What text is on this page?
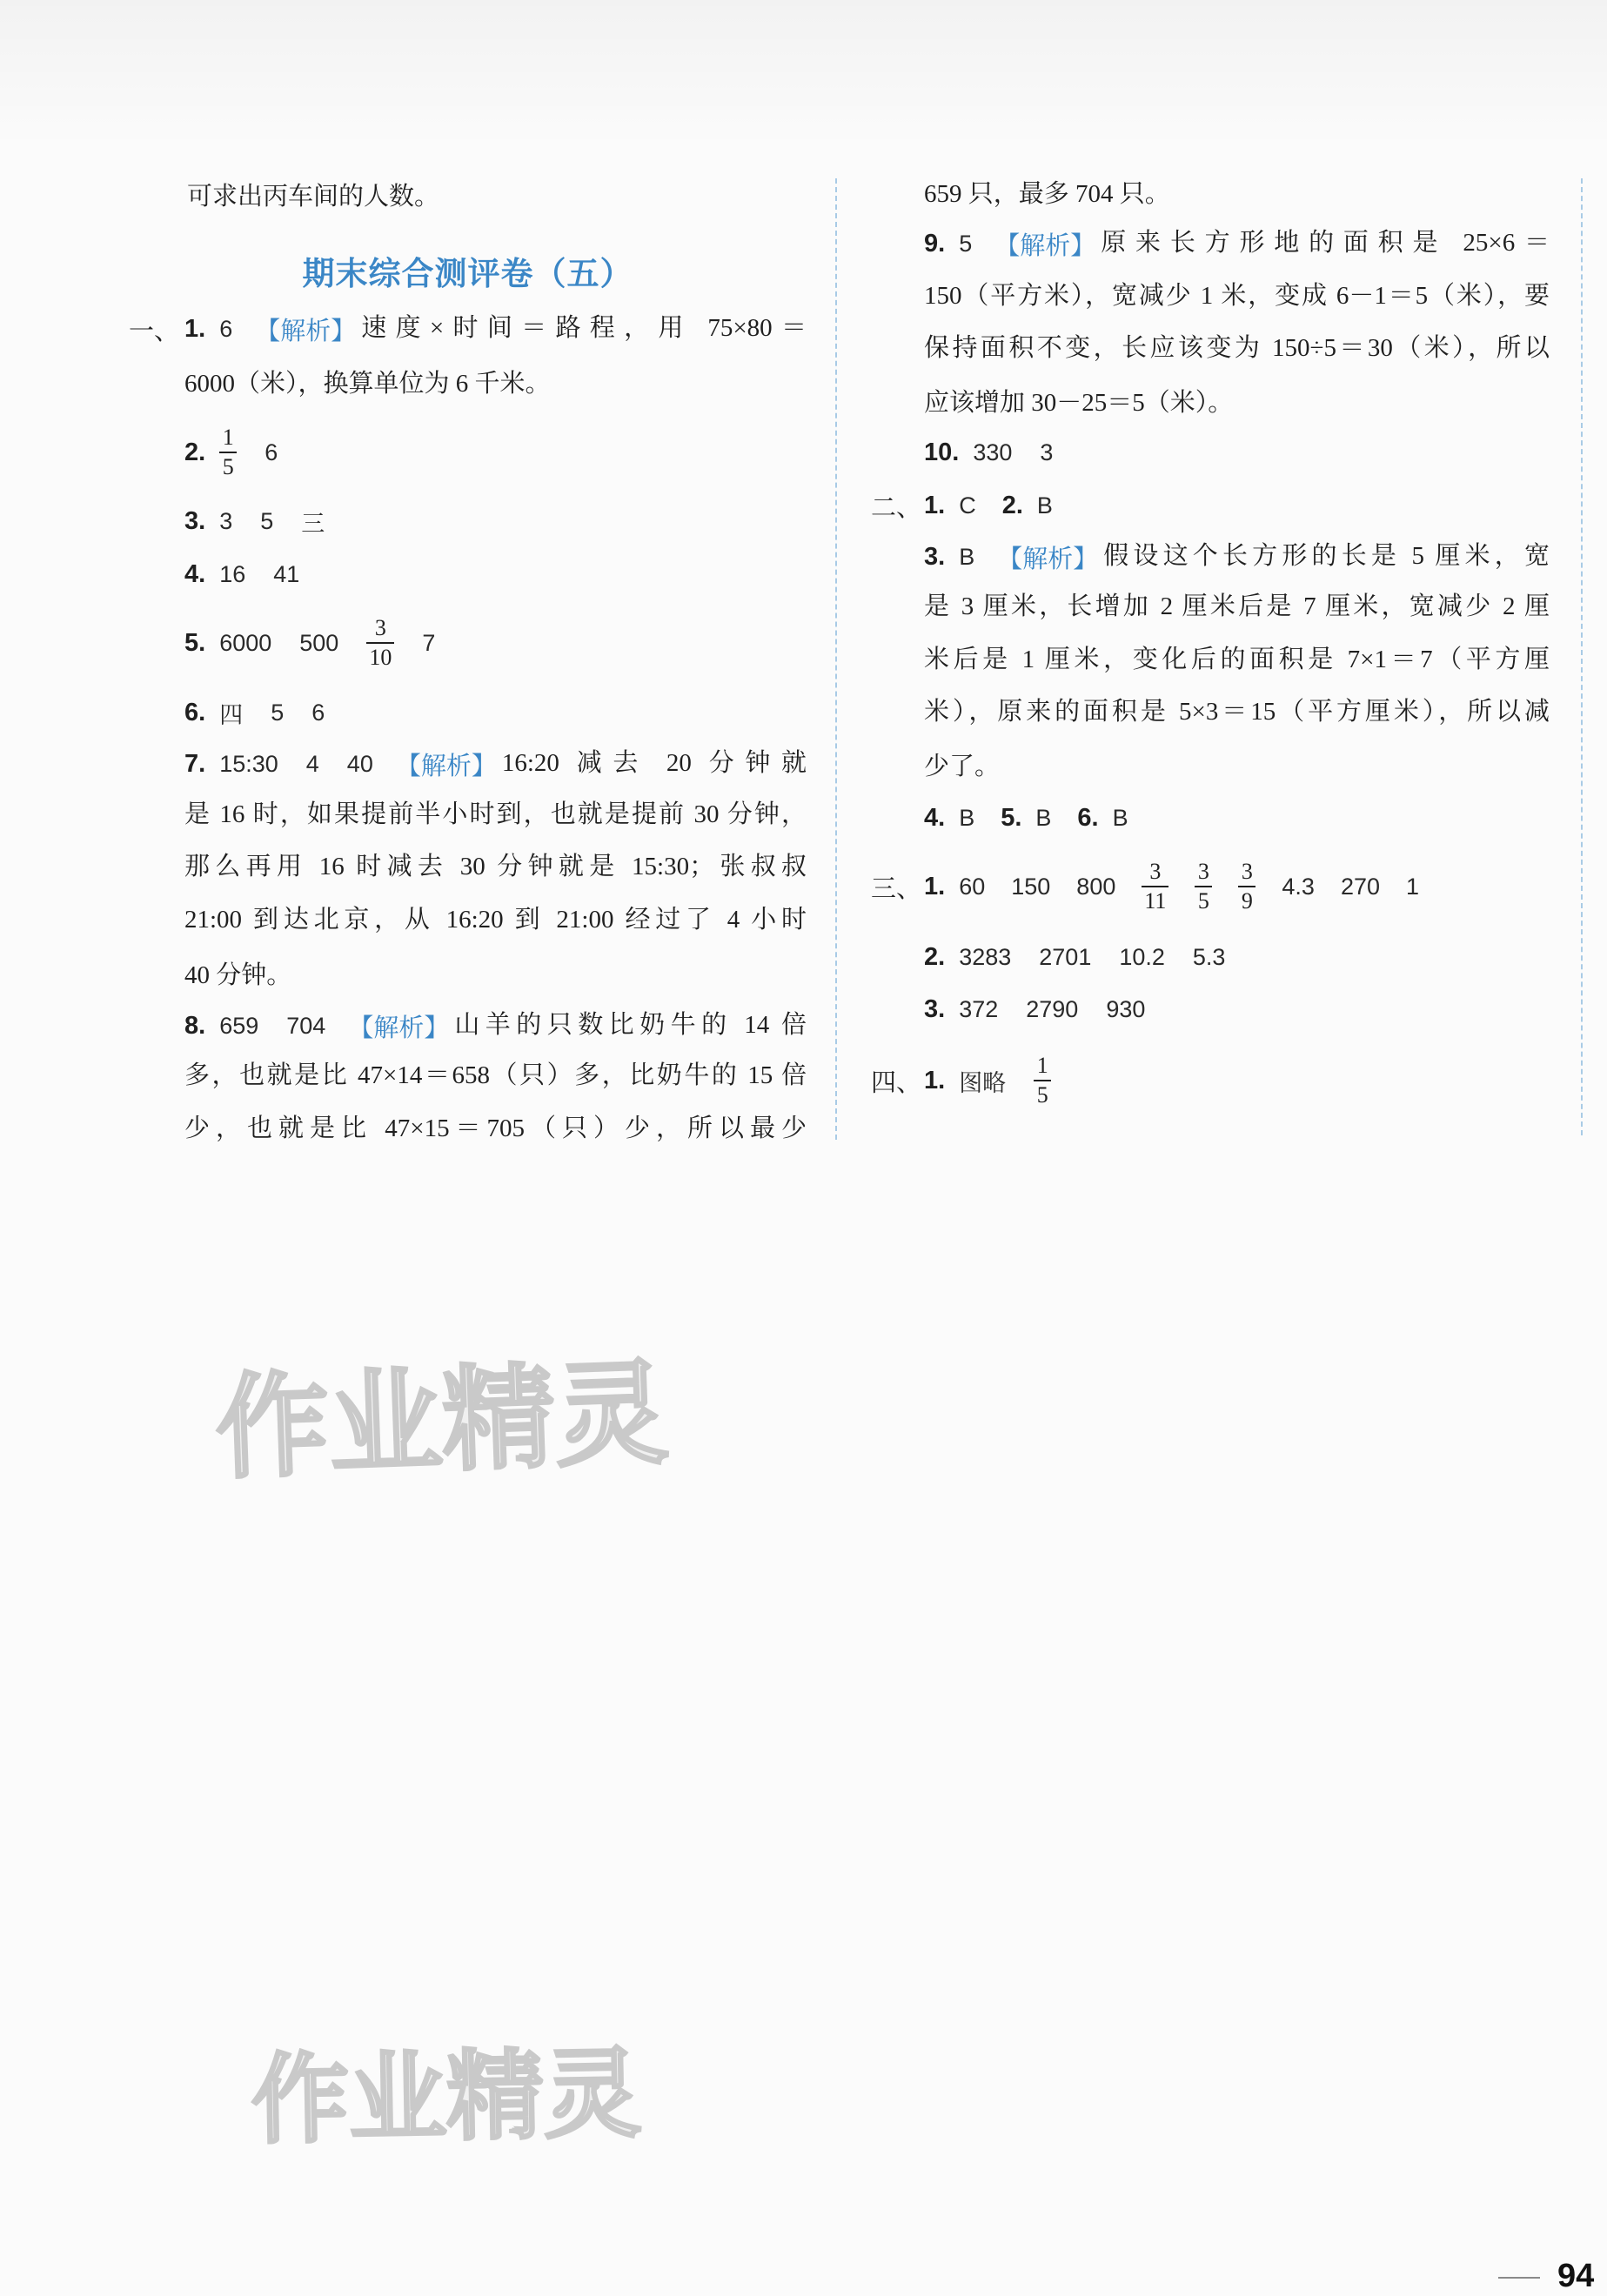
可求出丙车间的人数。
期末综合测评卷（五）
一、 1. 6 【解析】 速度×时间＝路程，用 75×80＝
6000（米），换算单位为 6 千米。
2. $\frac{1}{5} 6$
3. 3 5 三
4. 16 41
5. 6000 $500 \frac{3}{10} 7$
6. 四 5 6
7. 15:30 4 40 【解析】 16:20 减去 20 分钟就
是 16 时，如果提前半小时到，也就是提前 30 分钟，
那么再用 16 时减去 30 分钟就是 15:30；张叔叔
21:00 到达北京，从 16:20 到 21:00 经过了 4 小时
40 分钟。
8. 659 704 【解析】 山羊的只数比奶牛的 14 倍
多，也就是比 47×14＝658（只）多，比奶牛的 15 倍
少，也就是比 47×15＝705（只）少，所以最少
659 只，最多 704 只。
9. 5 【解析】 原来长方形地的面积是 25×6＝
150（平方米），宽减少 1 米，变成 6－1＝5（米），要
保持面积不变，长应该变为 150÷5＝30（米），所以
应该增加 30－25＝5（米）。
10. 330 3
二、 1. C 2. B
3. B 【解析】 假设这个长方形的长是 5 厘米，宽
是 3 厘米，长增加 2 厘米后是 7 厘米，宽减少 2 厘
米后是 1 厘米，变化后的面积是 7×1＝7（平方厘
米），原来的面积是 5×3＝15（平方厘米），所以减
少了。
4. B 5. B 6. B
三、 1. 60 150 $800 \frac{3}{11} \frac{3}{5} \frac{3}{9} 4.3$ 270 1
2. 3283 2701 10.2 5.3
3. 372 2790 930
四、 1. 图略 $\frac{1}{5}$
作业精灵
作业精灵
94
